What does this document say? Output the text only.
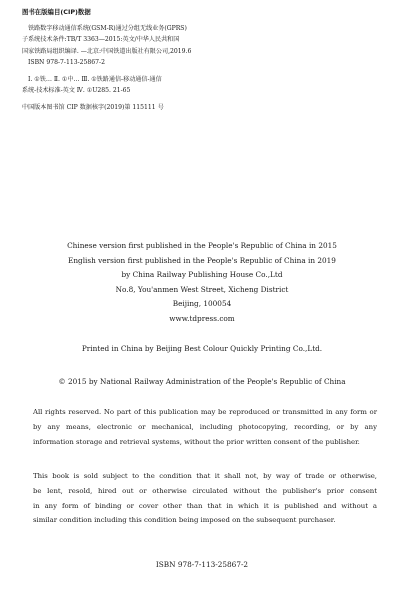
图书在版编目(CIP)数据
铁路数字移动通信系统(GSM-R)通过分组无线业务(GPRS)
子系统技术条件:TB/T 3363—2015:英文/中华人民共和国
国家铁路局组织编译. —北京:中国铁道出版社有限公司,2019.6
ISBN 978-7-113-25867-2
Ⅰ. ①铁… Ⅱ. ①中… Ⅲ. ①铁路通信-移动通信-通信
系统-技术标准-英文 Ⅳ. ①U285. 21-65
中国版本图书馆 CIP 数据核字(2019)第 115111 号
Chinese version first published in the People's Republic of China in 2015
English version first published in the People's Republic of China in 2019
by China Railway Publishing House Co.,Ltd
No.8, You'anmen West Street, Xicheng District
Beijing, 100054
www.tdpress.com
Printed in China by Beijing Best Colour Quickly Printing Co.,Ltd.
© 2015 by National Railway Administration of the People's Republic of China
All rights reserved. No part of this publication may be reproduced or transmitted in any form or
by any means, electronic or mechanical, including photocopying, recording, or by any
information storage and retrieval systems, without the prior written consent of the publisher.
This book is sold subject to the condition that it shall not, by way of trade or otherwise,
be lent, resold, hired out or otherwise circulated without the publisher's prior consent
in any form of binding or cover other than that in which it is published and without a
similar condition including this condition being imposed on the subsequent purchaser.
ISBN 978-7-113-25867-2
